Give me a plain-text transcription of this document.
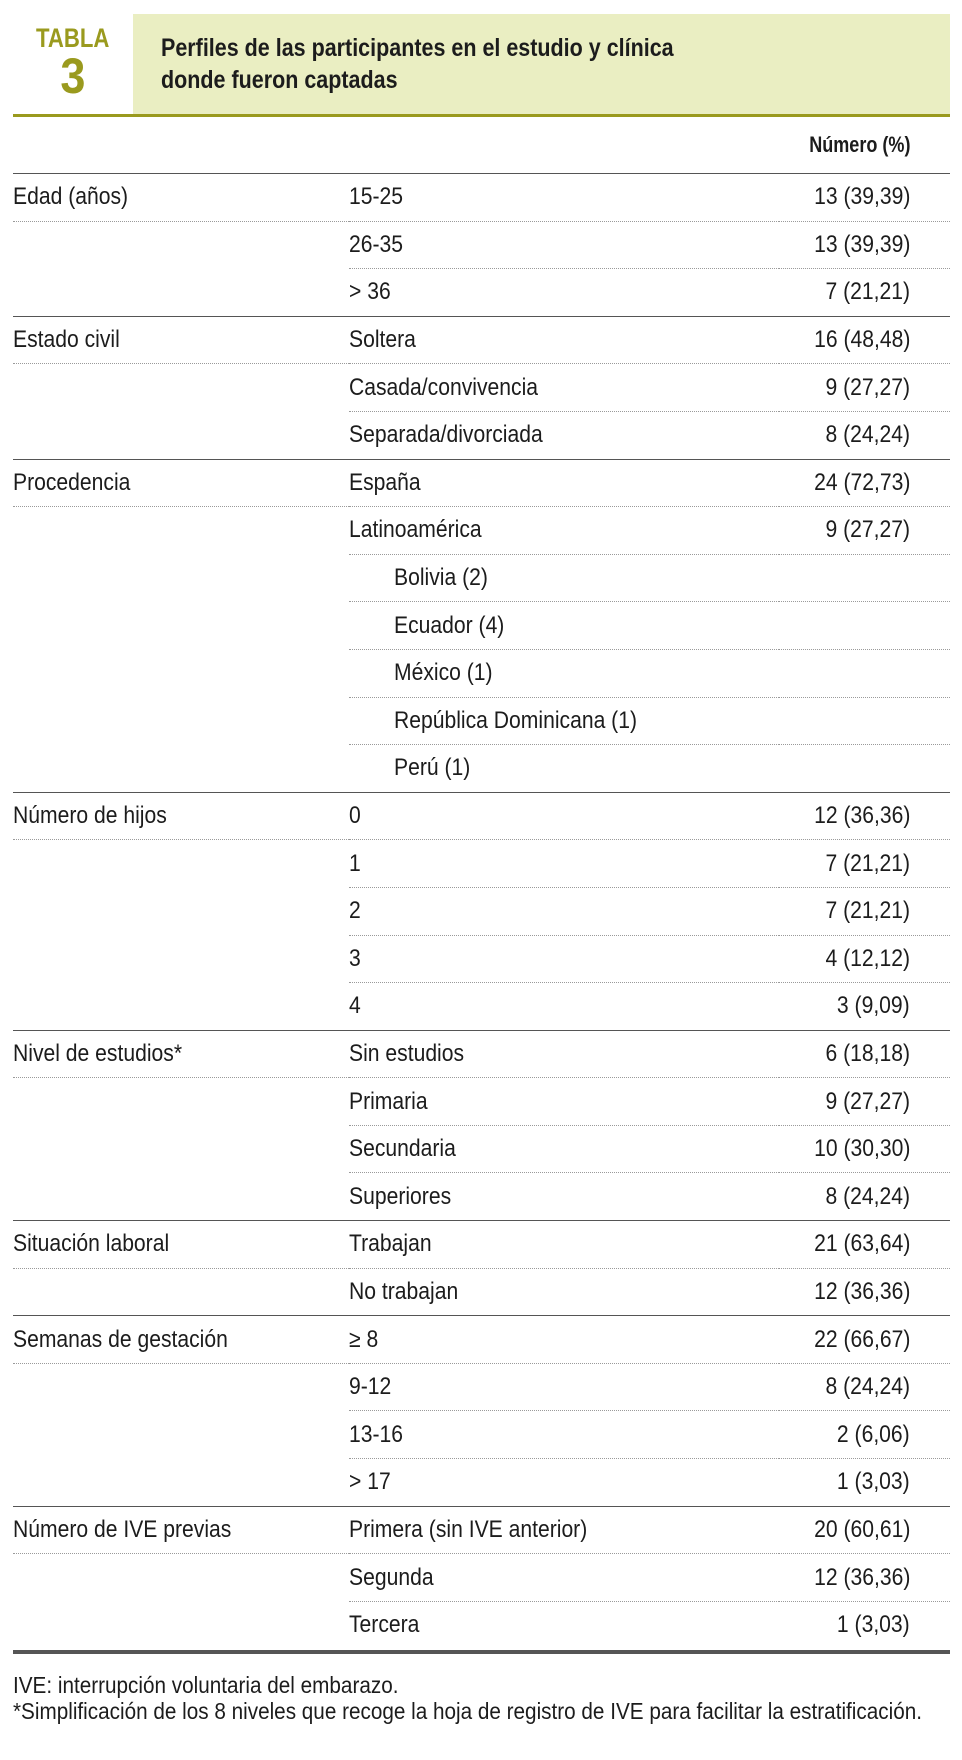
TABLA
3	Perfiles de las participantes en el estudio y clínica
donde fueron captadas
		Número (%)
Edad (años)	15-25	13 (39,39)
	26-35	13 (39,39)
	> 36	7 (21,21)
Estado civil	Soltera	16 (48,48)
	Casada/convivencia	9 (27,27)
	Separada/divorciada	8 (24,24)
Procedencia	España	24 (72,73)
	Latinoamérica	9 (27,27)
	Bolivia (2)	
	Ecuador (4)	
	México (1)	
	República Dominicana (1)	
	Perú (1)	
Número de hijos	0	12 (36,36)
	1	7 (21,21)
	2	7 (21,21)
	3	4 (12,12)
	4	3 (9,09)
Nivel de estudios*	Sin estudios	6 (18,18)
	Primaria	9 (27,27)
	Secundaria	10 (30,30)
	Superiores	8 (24,24)
Situación laboral	Trabajan	21 (63,64)
	No trabajan	12 (36,36)
Semanas de gestación	≥ 8	22 (66,67)
	9-12	8 (24,24)
	13-16	2 (6,06)
	> 17	1 (3,03)
Número de IVE previas	Primera (sin IVE anterior)	20 (60,61)
	Segunda	12 (36,36)
	Tercera	1 (3,03)

IVE: interrupción voluntaria del embarazo.

*Simplificación de los 8 niveles que recoge la hoja de registro de IVE para facilitar la estratificación.
